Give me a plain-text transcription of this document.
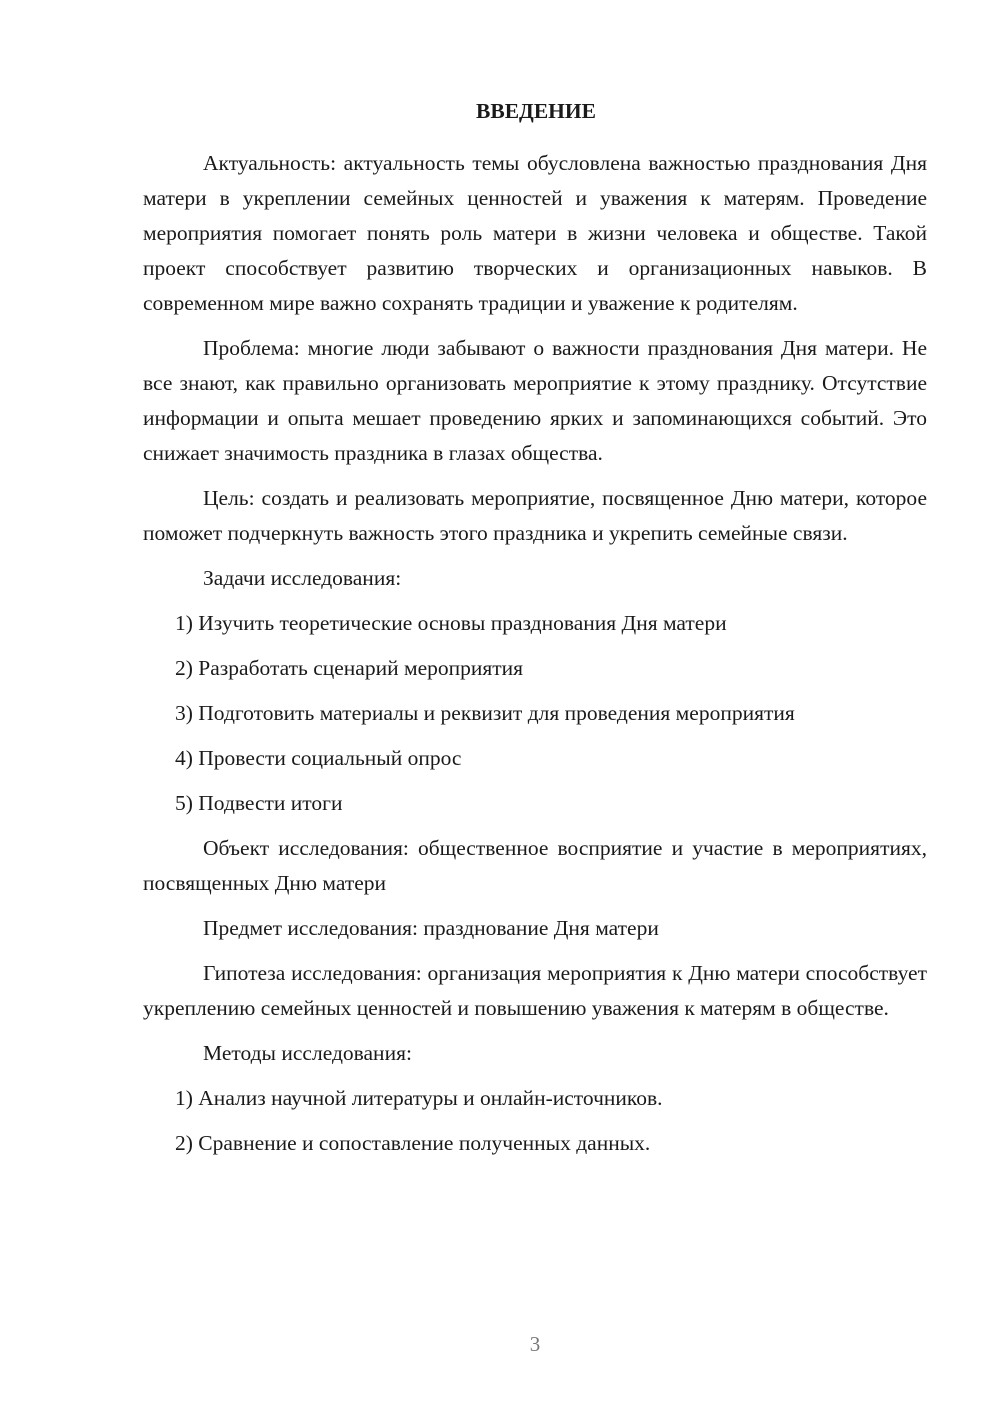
ВВЕДЕНИЕ

Актуальность: актуальность темы обусловлена важностью празднования Дня матери в укреплении семейных ценностей и уважения к матерям. Проведение мероприятия помогает понять роль матери в жизни человека и обществе. Такой проект способствует развитию творческих и организационных навыков. В современном мире важно сохранять традиции и уважение к родителям.

Проблема: многие люди забывают о важности празднования Дня матери. Не все знают, как правильно организовать мероприятие к этому празднику. Отсутствие информации и опыта мешает проведению ярких и запоминающихся событий. Это снижает значимость праздника в глазах общества.

Цель: создать и реализовать мероприятие, посвященное Дню матери, которое поможет подчеркнуть важность этого праздника и укрепить семейные связи.

Задачи исследования:

1) Изучить теоретические основы празднования Дня матери
2) Разработать сценарий мероприятия
3) Подготовить материалы и реквизит для проведения мероприятия
4) Провести социальный опрос
5) Подвести итоги

Объект исследования: общественное восприятие и участие в мероприятиях, посвященных Дню матери

Предмет исследования: празднование Дня матери

Гипотеза исследования: организация мероприятия к Дню матери способствует укреплению семейных ценностей и повышению уважения к матерям в обществе.

Методы исследования:

1) Анализ научной литературы и онлайн-источников.
2) Сравнение и сопоставление полученных данных.
3
